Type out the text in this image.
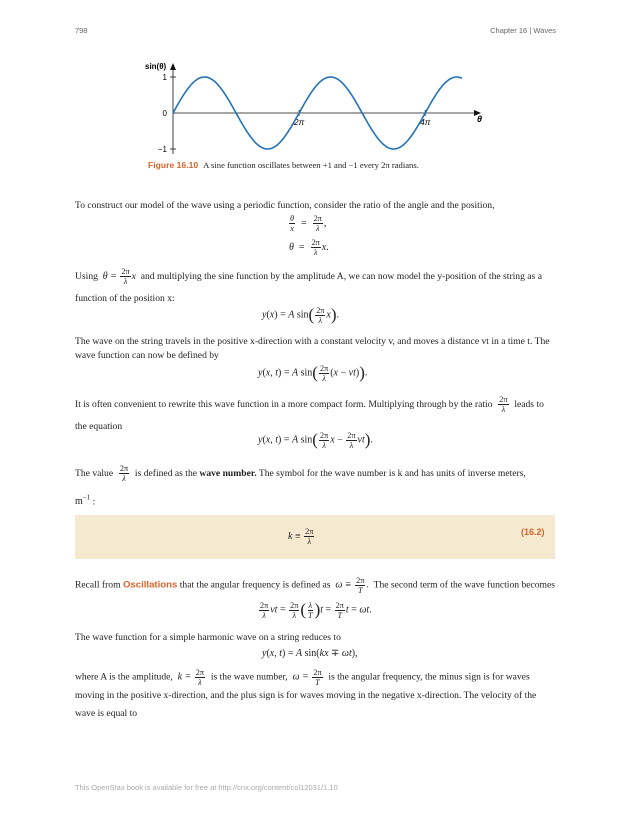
798	Chapter 16 | Waves
1
0
−1
2π	4π
sin(θ)
θ
Figure 16.10 A sine function oscillates between +1 and −1 every 2π radians.
To construct our model of the wave using a periodic function, consider the ratio of the angle and the position,
$\frac{\theta}{x} = \frac{2\pi}{\lambda}$ ,
$\theta = \frac{2\pi}{\lambda} x$.
Using $\theta = \frac{2\pi}{\lambda}$ x and multiplying the sine function by the amplitude A, we can now model the y-position of the string as a function of the position x:
y(x) = A $\sin( \frac{2\pi}{\lambda} x)$.
The wave on the string travels in the positive x-direction with a constant velocity v, and moves a distance vt in a time t. The wave function can now be defined by
y(x, t) = A $\sin( \frac{2\pi}{\lambda} (x - vt))$.
It is often convenient to rewrite this wave function in a more compact form. Multiplying through by the ratio $\frac{2\pi}{\lambda}$ leads to the equation
y(x, t) = A $\sin( \frac{2\pi}{\lambda}$ $x - \frac{2\pi}{\lambda} vt$).
The value $\frac{2\pi}{\lambda}$ is defined as the wave number. The symbol for the wave number is k and has units of inverse meters,
$m^{-1}$ :
$k \equiv \frac{2\pi}{\lambda}$	(16.2)
Recall from Oscillations that the angular frequency is defined as $\omega \equiv \frac{2\pi}{T}$ .  The second term of the wave function becomes
$\frac{2\pi}{\lambda}$ vt = $\frac{2\pi}{\lambda}$ ( $\frac{\lambda}{T} )t = \frac{2\pi}{T}$ t = ωt.
The wave function for a simple harmonic wave on a string reduces to
y(x, t) = A sin(kx ∓ ωt),
where A is the amplitude, $k = \frac{2\pi}{\lambda}$ is the wave number, $\omega = \frac{2\pi}{T}$ is the angular frequency, the minus sign is for waves moving in the positive x-direction, and the plus sign is for waves moving in the negative x-direction. The velocity of the wave is equal to
This OpenStax book is available for free at http://cnx.org/content/col12031/1.10
